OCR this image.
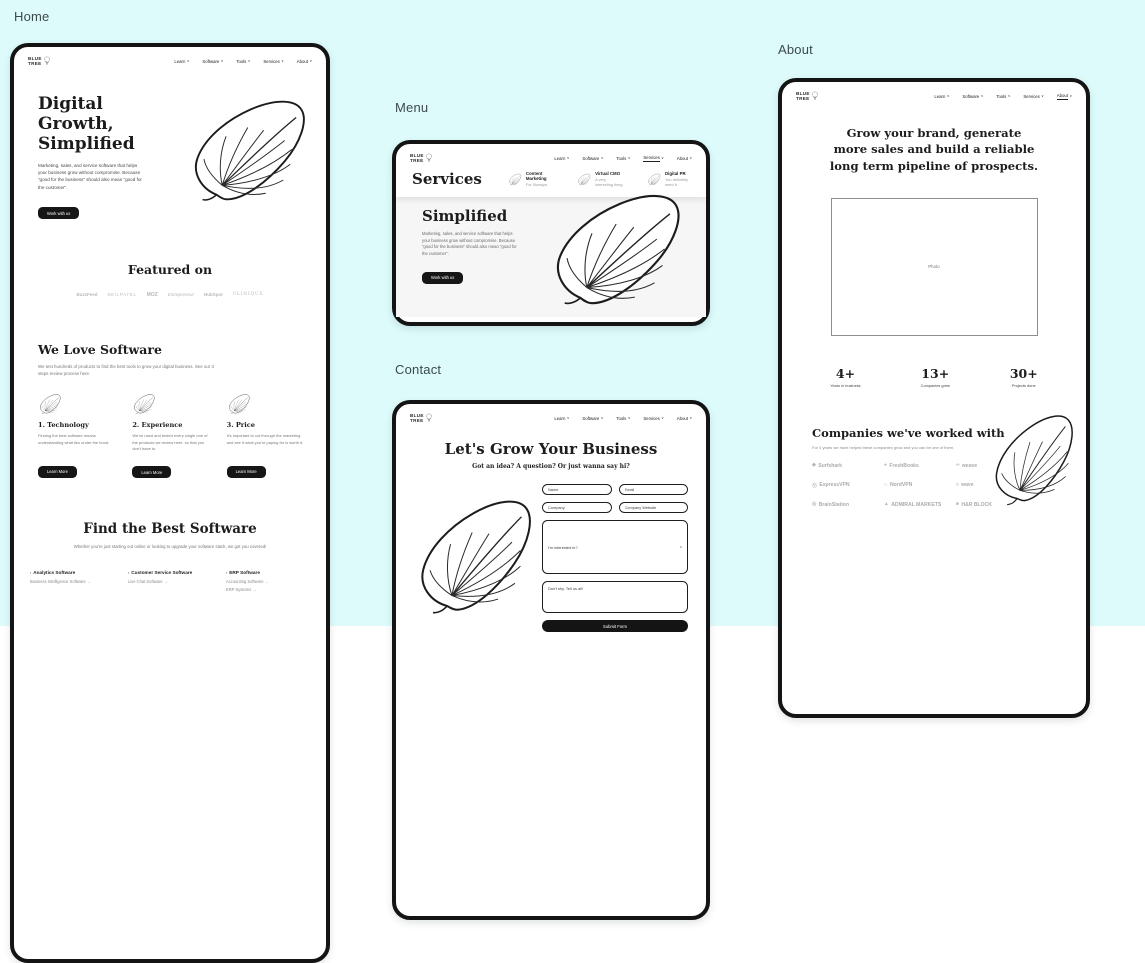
Home
Menu
Contact
About
BLUE
TREE	Learn ∨	Software ∨	Tools ∨	Services ∨	About ∨
Digital Growth,
Simplified

Marketing, sales, and service software that helps your business grow without compromise. Because “good for the business” should also mean “good for the customer”.

Work with us
Featured on
BuzzFeed NEILPATEL MOZ Entrepreneur HubSpot CLINIQUE
We Love Software

We test hundreds of products to find the best tools to grow your digital business. See our 3 steps review process here.

1. Technology

Finding the best software means understanding what lies under the hood.

Learn More
2. Experience

We've used and tested every single one of the products we review here, so that you don't have to.

Learn More
3. Price

It's important to cut through the marketing and see if what you're paying for is worth it.

Learn More
Find the Best Software

Whether you're just starting out online or looking to upgrade your software stack, we got you covered!

▪ Analytics Software
Business Intelligence Software →
▪ Customer Service Software
Live Chat Software →
▪ ERP Software
Accounting Software →
ERP Systems →
BLUE
TREE	Learn ∨	Software ∨	Tools ∨	Services ∨	About ∨
Services	Content Marketing
For Startups
Virtual CMO
A very interesting thing
Digital PR
You definitely need it
Simplified

Marketing, sales, and service software that helps your business grow without compromise. Because “good for the business” should also mean “good for the customer”.

Work with us
BLUE
TREE	Learn ∨	Software ∨	Tools ∨	Services ∨	About ∨
Let's Grow Your Business

Got an idea? A question? Or just wanna say hi?

Name
Email
Company
Company Website
I'm interested in?	∨
Don't shy. Tell us all!
Submit Form
BLUE
TREE	Learn ∨	Software ∨	Tools ∨	Services ∨	About ∨
Grow your brand, generate
more sales and build a reliable
long term pipeline of prospects.
Photo
4+
Years in business
13+
Companies grew
30+
Projects done
Companies we've worked with

For 4 years we have helped these companies grow and you can be one of them.

◆ Surfshark	● FreshBooks	∞ weave
Ⓥ ExpressVPN	∩ NordVPN	≈ wave
◎ BrainStation	▲ ADMIRAL MARKETS	■ H&R BLOCK
